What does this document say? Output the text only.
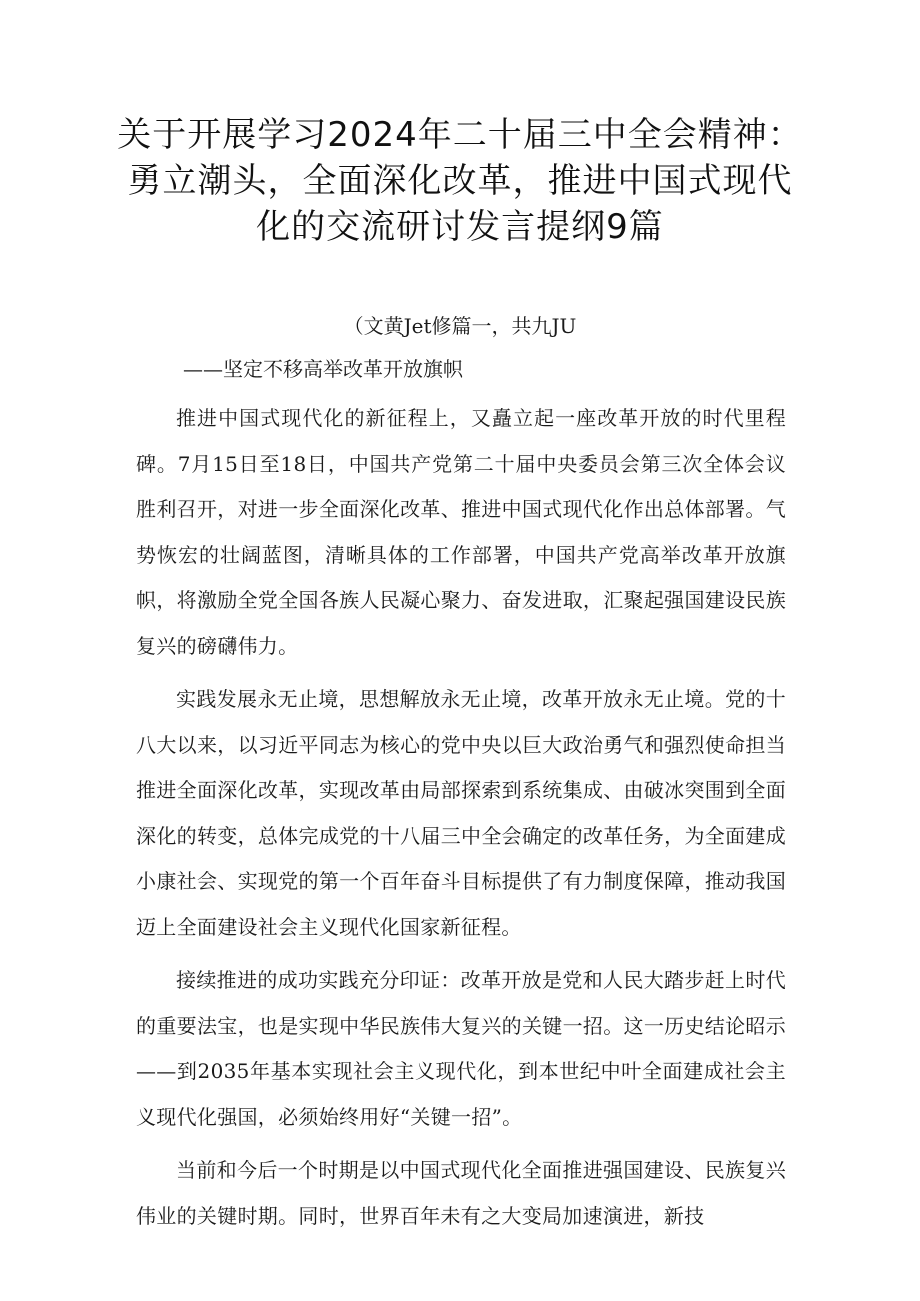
关于开展学习2024年二十届三中全会精神：
勇立潮头，全面深化改革，推进中国式现代
化的交流研讨发言提纲9篇
（文黄Jet修篇一，共九JU
——坚定不移高举改革开放旗帜

推进中国式现代化的新征程上，又矗立起一座改革开放的时代里程碑。7月15日至18日，中国共产党第二十届中央委员会第三次全体会议胜利召开，对进一步全面深化改革、推进中国式现代化作出总体部署。气势恢宏的壮阔蓝图，清晰具体的工作部署，中国共产党高举改革开放旗帜，将激励全党全国各族人民凝心聚力、奋发进取，汇聚起强国建设民族复兴的磅礴伟力。

实践发展永无止境，思想解放永无止境，改革开放永无止境。党的十八大以来，以习近平同志为核心的党中央以巨大政治勇气和强烈使命担当推进全面深化改革，实现改革由局部探索到系统集成、由破冰突围到全面深化的转变，总体完成党的十八届三中全会确定的改革任务，为全面建成小康社会、实现党的第一个百年奋斗目标提供了有力制度保障，推动我国迈上全面建设社会主义现代化国家新征程。

接续推进的成功实践充分印证：改革开放是党和人民大踏步赶上时代的重要法宝，也是实现中华民族伟大复兴的关键一招。这一历史结论昭示——到2035年基本实现社会主义现代化，到本世纪中叶全面建成社会主义现代化强国，必须始终用好“关键一招”。

当前和今后一个时期是以中国式现代化全面推进强国建设、民族复兴伟业的关键时期。同时，世界百年未有之大变局加速演进，新技
